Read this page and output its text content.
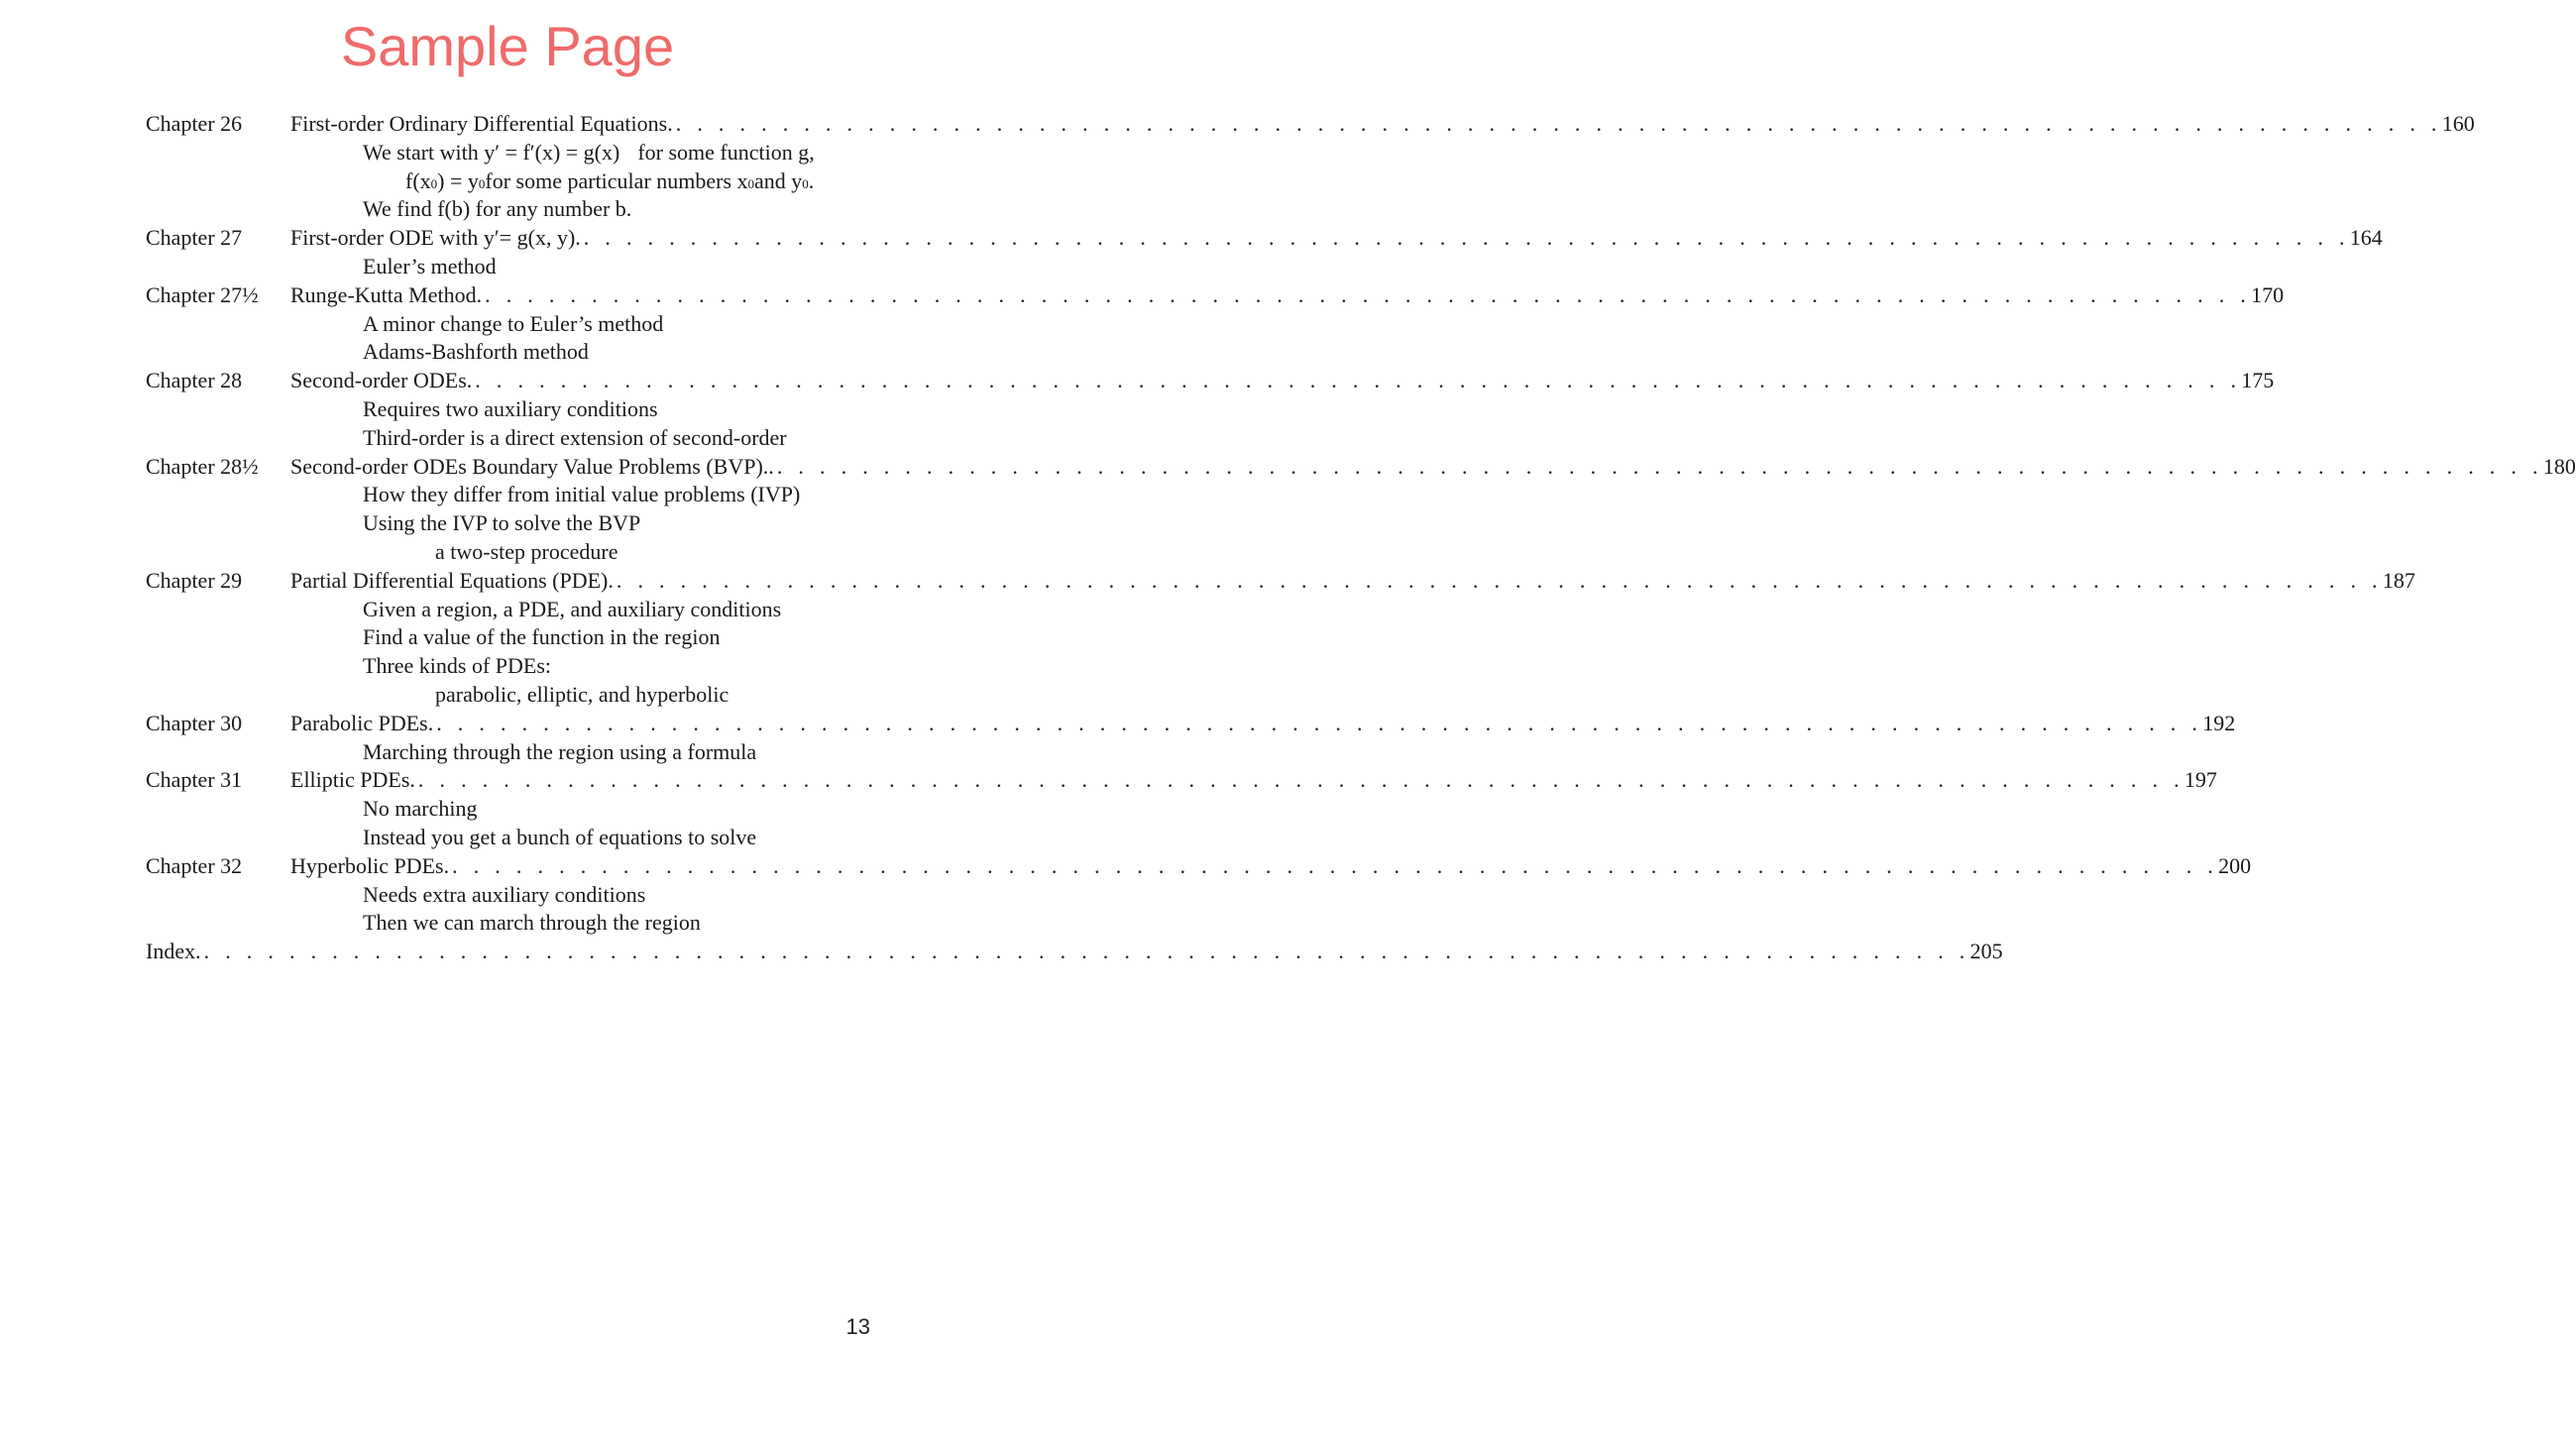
Sample Page
Chapter 26	First-order Ordinary Differential Equations. . . . . . . . . . . . . . . . . . . . . . . . . . . . . . . . . . . . . . . . . . . . . . . . . . . . . . . . . . . . . . . . . . . . . . . . . . . . . . . . . . . . 160
We start with y′ = f′(x) = g(x) for some function g,
f(x 0 ) = y 0 for some particular numbers x 0 and y 0 .
We find f(b) for any number b.
Chapter 27	First-order ODE with y′= g(x, y). . . . . . . . . . . . . . . . . . . . . . . . . . . . . . . . . . . . . . . . . . . . . . . . . . . . . . . . . . . . . . . . . . . . . . . . . . . . . . . . . . . . 164
Euler’s method
Chapter 27½	Runge-Kutta Method. . . . . . . . . . . . . . . . . . . . . . . . . . . . . . . . . . . . . . . . . . . . . . . . . . . . . . . . . . . . . . . . . . . . . . . . . . . . . . . . . . . . 170
A minor change to Euler’s method
Adams-Bashforth method
Chapter 28	Second-order ODEs. . . . . . . . . . . . . . . . . . . . . . . . . . . . . . . . . . . . . . . . . . . . . . . . . . . . . . . . . . . . . . . . . . . . . . . . . . . . . . . . . . . . 175
Requires two auxiliary conditions
Third-order is a direct extension of second-order
Chapter 28½	Second-order ODEs Boundary Value Problems (BVP).. . . . . . . . . . . . . . . . . . . . . . . . . . . . . . . . . . . . . . . . . . . . . . . . . . . . . . . . . . . . . . . . . . . . . . . . . . . . . . . . . . . . 180
How they differ from initial value problems (IVP)
Using the IVP to solve the BVP
a two-step procedure
Chapter 29	Partial Differential Equations (PDE). . . . . . . . . . . . . . . . . . . . . . . . . . . . . . . . . . . . . . . . . . . . . . . . . . . . . . . . . . . . . . . . . . . . . . . . . . . . . . . . . . . . 187
Given a region, a PDE, and auxiliary conditions
Find a value of the function in the region
Three kinds of PDEs:
parabolic, elliptic, and hyperbolic
Chapter 30	Parabolic PDEs. . . . . . . . . . . . . . . . . . . . . . . . . . . . . . . . . . . . . . . . . . . . . . . . . . . . . . . . . . . . . . . . . . . . . . . . . . . . . . . . . . . . 192
Marching through the region using a formula
Chapter 31	Elliptic PDEs. . . . . . . . . . . . . . . . . . . . . . . . . . . . . . . . . . . . . . . . . . . . . . . . . . . . . . . . . . . . . . . . . . . . . . . . . . . . . . . . . . . . 197
No marching
Instead you get a bunch of equations to solve
Chapter 32	Hyperbolic PDEs. . . . . . . . . . . . . . . . . . . . . . . . . . . . . . . . . . . . . . . . . . . . . . . . . . . . . . . . . . . . . . . . . . . . . . . . . . . . . . . . . . . . 200
Needs extra auxiliary conditions
Then we can march through the region
Index. . . . . . . . . . . . . . . . . . . . . . . . . . . . . . . . . . . . . . . . . . . . . . . . . . . . . . . . . . . . . . . . . . . . . . . . . . . . . . . . . . . . 205
13
